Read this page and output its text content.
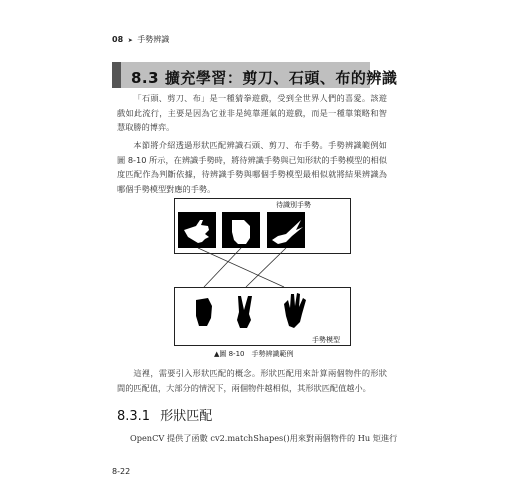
08 ➤ 手勢辨識
8.3 擴充學習：剪刀、石頭、布的辨識
「石頭、剪刀、布」是一種猜拳遊戲，受到全世界人們的喜愛。該遊戲如此流行，主要是因為它並非是純靠運氣的遊戲，而是一種靠策略和智慧取勝的博弈。
本節將介紹透過形狀匹配辨識石頭、剪刀、布手勢。手勢辨識範例如圖 8-10 所示，在辨識手勢時，將待辨識手勢與已知形狀的手勢模型的相似度匹配作為判斷依據，待辨識手勢與哪個手勢模型最相似就將結果辨識為哪個手勢模型對應的手勢。
待識別手勢
手勢模型
▲圖 8-10　手勢辨識範例
這裡，需要引入形狀匹配的概念。形狀匹配用來計算兩個物件的形狀間的匹配值，大部分的情況下，兩個物件越相似，其形狀匹配值越小。
8.3.1 形狀匹配
OpenCV 提供了函數 cv2.matchShapes()用來對兩個物件的 Hu 矩進行
8-22
